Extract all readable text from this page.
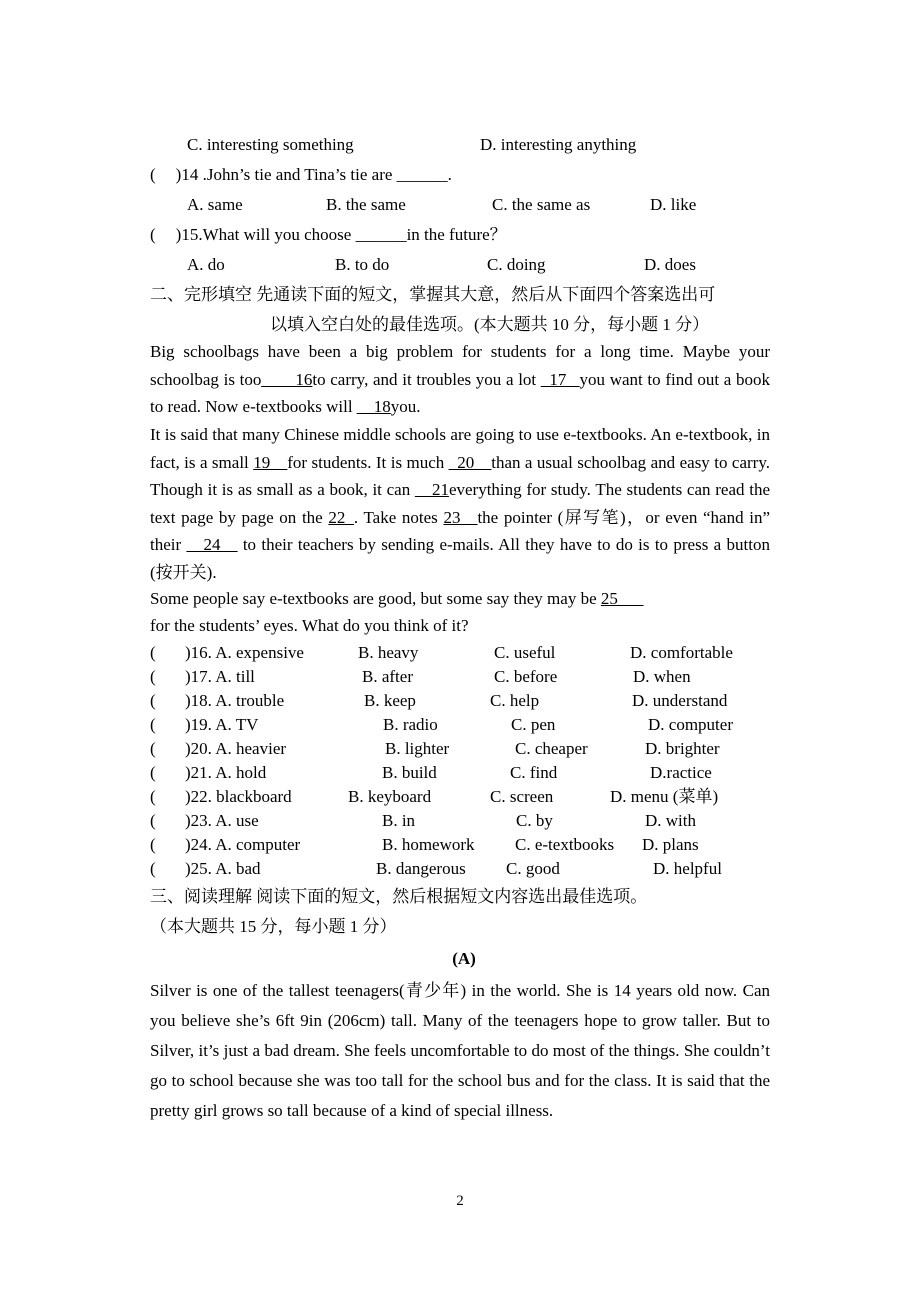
C. interesting something	D. interesting anything
( )14 .John’s tie and Tina’s tie are ______.
A. same	B. the same	C. the same as	D. like
( )15.What will you choose ______in the future？
A. do	B. to do	C. doing	D. does
二、完形填空 先通读下面的短文，掌握其大意，然后从下面四个答案选出可
以填入空白处的最佳选项。(本大题共 10 分，每小题 1 分）
Big schoolbags have been a big problem for students for a long time. Maybe your schoolbag is too____16to carry, and it troubles you a lot _17_ you want to find out a book to read. Now e-textbooks will __18you.
It is said that many Chinese middle schools are going to use e-textbooks. An e-textbook, in fact, is a small 19__for students. It is much _20__than a usual schoolbag and easy to carry. Though it is as small as a book, it can __21everything for study. The students can read the text page by page on the 22_. Take notes 23__the pointer (屏写笔)，or even “hand in” their __24__ to their teachers by sending e-mails. All they have to do is to press a button (按开关).
Some people say e-textbooks are good, but some say they may be 25___
for the students’ eyes. What do you think of it?
( )16. A. expensive	B. heavy	C. useful	D. comfortable
( )17. A. till	B. after	C. before	D. when
( )18. A. trouble	B. keep	C. help	D. understand
( )19. A. TV	B. radio	C. pen	D. computer
( )20. A. heavier	B. lighter	C. cheaper	D. brighter
( )21. A. hold	B. build	C. find	D.ractice
( )22. blackboard	B. keyboard	C. screen	D. menu (菜单)
( )23. A. use	B. in	C. by	D. with
( )24. A. computer	B. homework C. e-textbooks D. plans
( )25. A. bad	B. dangerous C. good	D. helpful
三、阅读理解 阅读下面的短文，然后根据短文内容选出最佳选项。
（本大题共 15 分，每小题 1 分）
(A)
Silver is one of the tallest teenagers(青少年) in the world. She is 14 years old now. Can you believe she’s 6ft 9in (206cm) tall. Many of the teenagers hope to grow taller. But to Silver, it’s just a bad dream. She feels uncomfortable to do most of the things. She couldn’t go to school because she was too tall for the school bus and for the class. It is said that the pretty girl grows so tall because of a kind of special illness.
2
